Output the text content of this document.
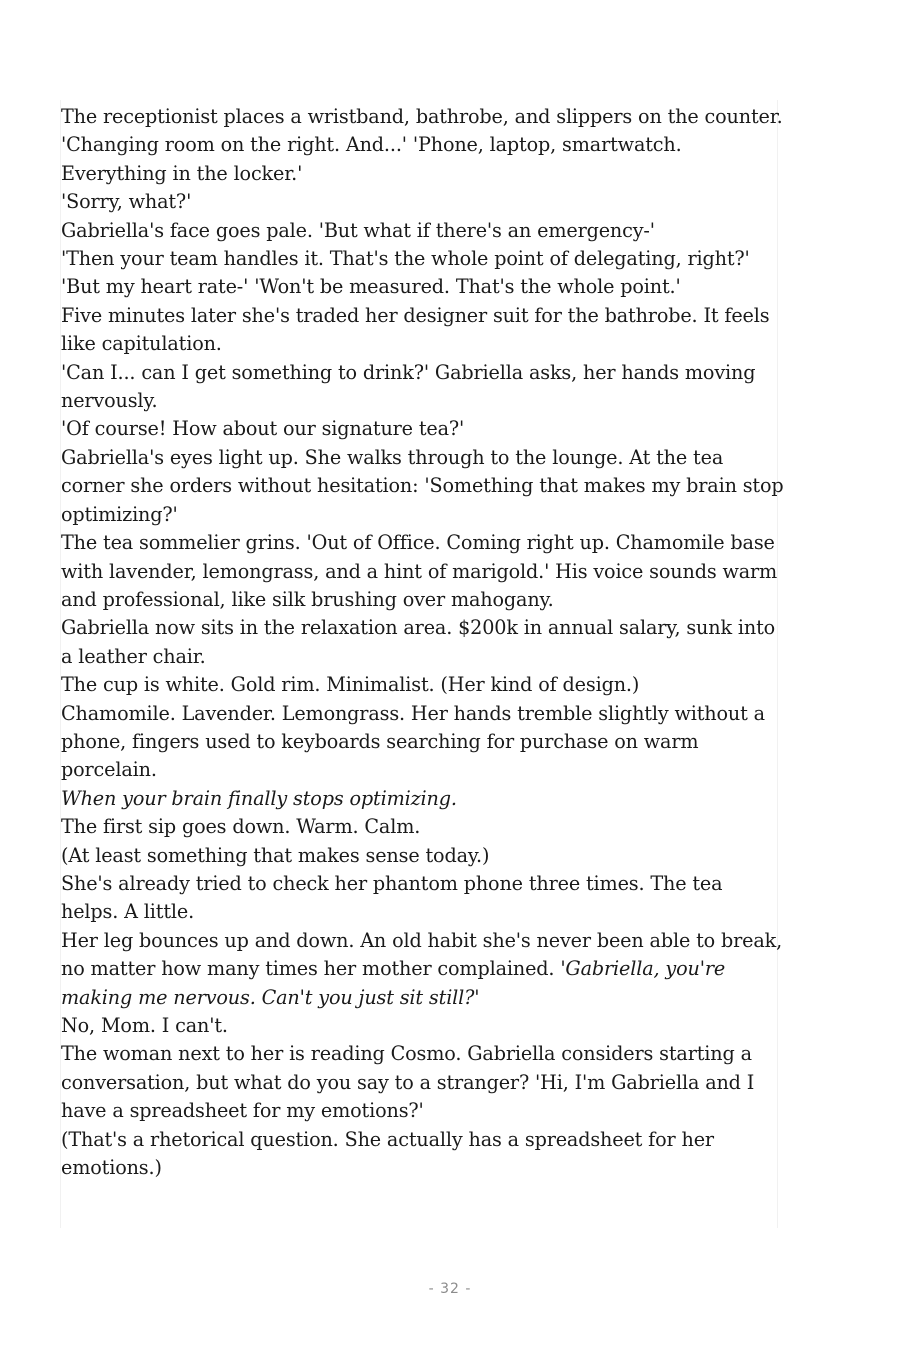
The receptionist places a wristband, bathrobe, and slippers on the counter. 'Changing room on the right. And...' 'Phone, laptop, smartwatch. Everything in the locker.'

'Sorry, what?'

Gabriella's face goes pale. 'But what if there's an emergency-'

'Then your team handles it. That's the whole point of delegating, right?'

'But my heart rate-' 'Won't be measured. That's the whole point.'

Five minutes later she's traded her designer suit for the bathrobe. It feels like capitulation.

'Can I... can I get something to drink?' Gabriella asks, her hands moving nervously.

'Of course! How about our signature tea?'

Gabriella's eyes light up. She walks through to the lounge. At the tea corner she orders without hesitation: 'Something that makes my brain stop optimizing?'

The tea sommelier grins. 'Out of Office. Coming right up. Chamomile base with lavender, lemongrass, and a hint of marigold.' His voice sounds warm and professional, like silk brushing over mahogany.

Gabriella now sits in the relaxation area. $200k in annual salary, sunk into a leather chair.

The cup is white. Gold rim. Minimalist. (Her kind of design.)

Chamomile. Lavender. Lemongrass. Her hands tremble slightly without a phone, fingers used to keyboards searching for purchase on warm porcelain.

When your brain finally stops optimizing.

The first sip goes down. Warm. Calm.

(At least something that makes sense today.)

She's already tried to check her phantom phone three times. The tea helps. A little.

Her leg bounces up and down. An old habit she's never been able to break, no matter how many times her mother complained. 'Gabriella, you're making me nervous. Can't you just sit still?'

No, Mom. I can't.

The woman next to her is reading Cosmo. Gabriella considers starting a conversation, but what do you say to a stranger? 'Hi, I'm Gabriella and I have a spreadsheet for my emotions?'

(That's a rhetorical question. She actually has a spreadsheet for her emotions.)

- 32 -
